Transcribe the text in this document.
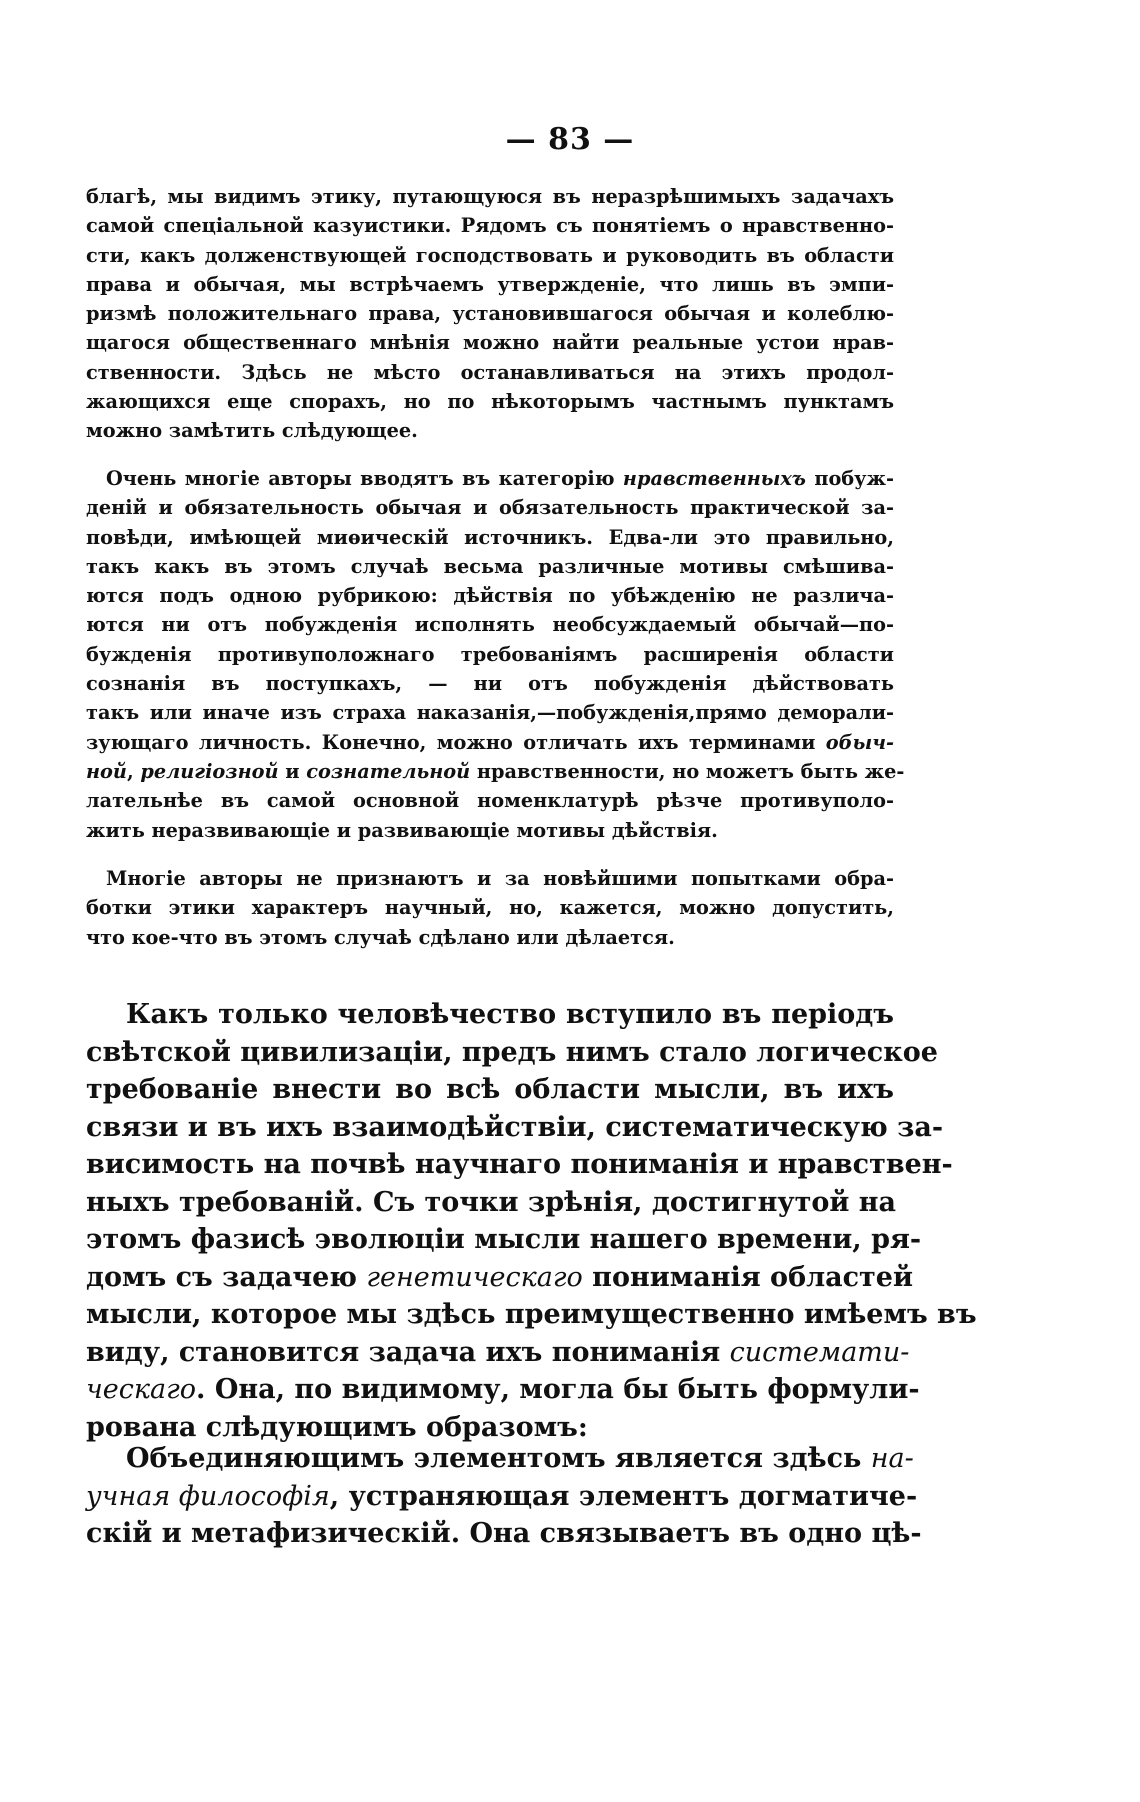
— 83 —
благѣ, мы видимъ этику, путающуюся въ неразрѣшимыхъ задачахъ
самой спеціальной казуистики. Рядомъ съ понятіемъ о нравственно-
сти, какъ долженствующей господствовать и руководить въ области
права и обычая, мы встрѣчаемъ утвержденіе, что лишь въ эмпи-
ризмѣ положительнаго права, установившагося обычая и колеблю-
щагося общественнаго мнѣнія можно найти реальные устои нрав-
ственности. Здѣсь не мѣсто останавливаться на этихъ продол-
жающихся еще спорахъ, но по нѣкоторымъ частнымъ пунктамъ
можно замѣтить слѣдующее.
Очень многіе авторы вводятъ въ категорію нравственныхъ побуж-
деній и обязательность обычая и обязательность практической за-
повѣди, имѣющей миѳическій источникъ. Едва-ли это правильно,
такъ какъ въ этомъ случаѣ весьма различные мотивы смѣшива-
ются подъ одною рубрикою: дѣйствія по убѣжденію не различа-
ются ни отъ побужденія исполнять необсуждаемый обычай—по-
бужденія противуположнаго требованіямъ расширенія области
сознанія въ поступкахъ, — ни отъ побужденія дѣйствовать
такъ или иначе изъ страха наказанія,—побужденія,прямо деморали-
зующаго личность. Конечно, можно отличать ихъ терминами обыч-
ной, религіозной и сознательной нравственности, но можетъ быть же-
лательнѣе въ самой основной номенклатурѣ рѣзче противуполо-
жить неразвивающіе и развивающіе мотивы дѣйствія.
Многіе авторы не признаютъ и за новѣйшими попытками обра-
ботки этики характеръ научный, но, кажется, можно допустить,
что кое-что въ этомъ случаѣ сдѣлано или дѣлается.
Какъ только человѣчество вступило въ періодъ
свѣтской цивилизаціи, предъ нимъ стало логическое
требованіе внести во всѣ области мысли, въ ихъ
связи и въ ихъ взаимодѣйствіи, систематическую за-
висимость на почвѣ научнаго пониманія и нравствен-
ныхъ требованій. Съ точки зрѣнія, достигнутой на
этомъ фазисѣ эволюціи мысли нашего времени, ря-
домъ съ задачею генетическаго пониманія областей
мысли, которое мы здѣсь преимущественно имѣемъ въ
виду, становится задача ихъ пониманія системати-
ческаго. Она, по видимому, могла бы быть формули-
рована слѣдующимъ образомъ:
Объединяющимъ элементомъ является здѣсь на-
учная философія, устраняющая элементъ догматиче-
скій и метафизическій. Она связываетъ въ одно цѣ-
